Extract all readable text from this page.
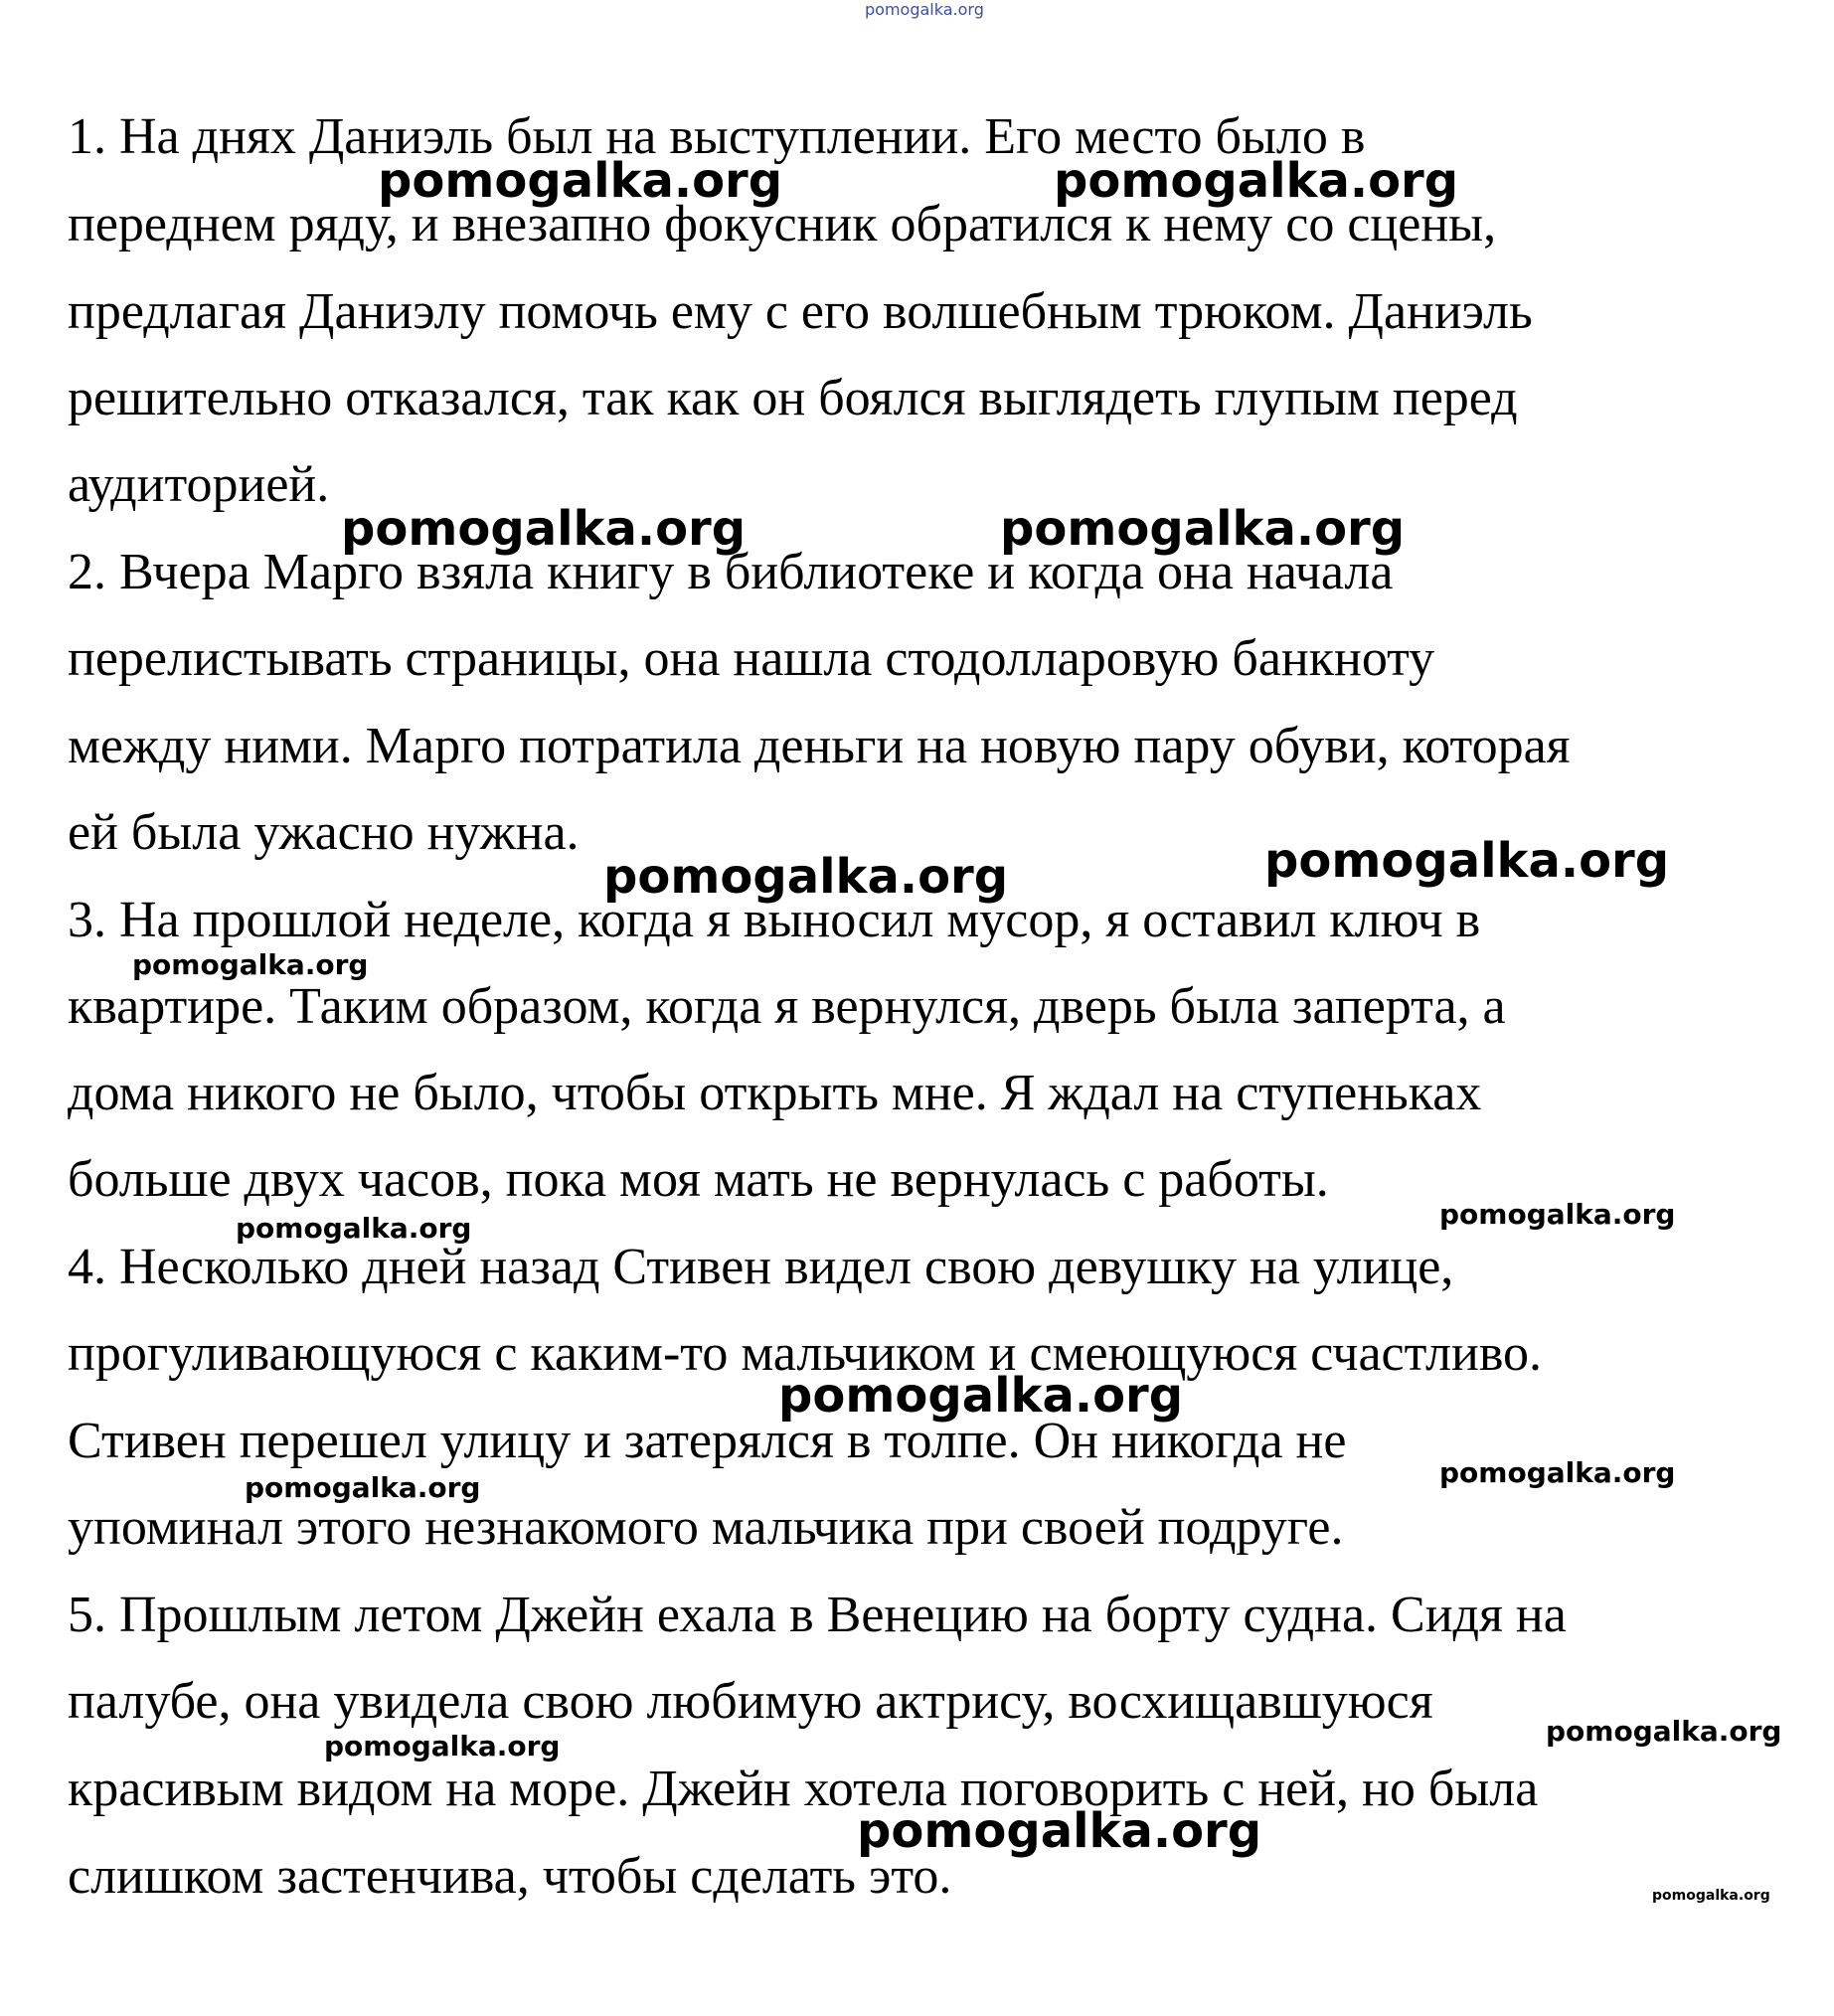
pomogalka.org

1. На днях Даниэль был на выступлении. Его место было в

переднем ряду, и внезапно фокусник обратился к нему со сцены,

предлагая Даниэлу помочь ему с его волшебным трюком. Даниэль

решительно отказался, так как он боялся выглядеть глупым перед

аудиторией.

2. Вчера Марго взяла книгу в библиотеке и когда она начала

перелистывать страницы, она нашла стодолларовую банкноту

между ними. Марго потратила деньги на новую пару обуви, которая

ей была ужасно нужна.

3. На прошлой неделе, когда я выносил мусор, я оставил ключ в

квартире. Таким образом, когда я вернулся, дверь была заперта, а

дома никого не было, чтобы открыть мне. Я ждал на ступеньках

больше двух часов, пока моя мать не вернулась с работы.

4. Несколько дней назад Стивен видел свою девушку на улице,

прогуливающуюся с каким-то мальчиком и смеющуюся счастливо.

Стивен перешел улицу и затерялся в толпе. Он никогда не

упоминал этого незнакомого мальчика при своей подруге.

5. Прошлым летом Джейн ехала в Венецию на борту судна. Сидя на

палубе, она увидела свою любимую актрису, восхищавшуюся

красивым видом на море. Джейн хотела поговорить с ней, но была

слишком застенчива, чтобы сделать это.

pomogalka.org	pomogalka.org
pomogalka.org	pomogalka.org
pomogalka.org	pomogalka.org
pomogalka.org
pomogalka.org	pomogalka.org
pomogalka.org
pomogalka.org
pomogalka.org
pomogalka.org
pomogalka.org
pomogalka.org
pomogalka.org
